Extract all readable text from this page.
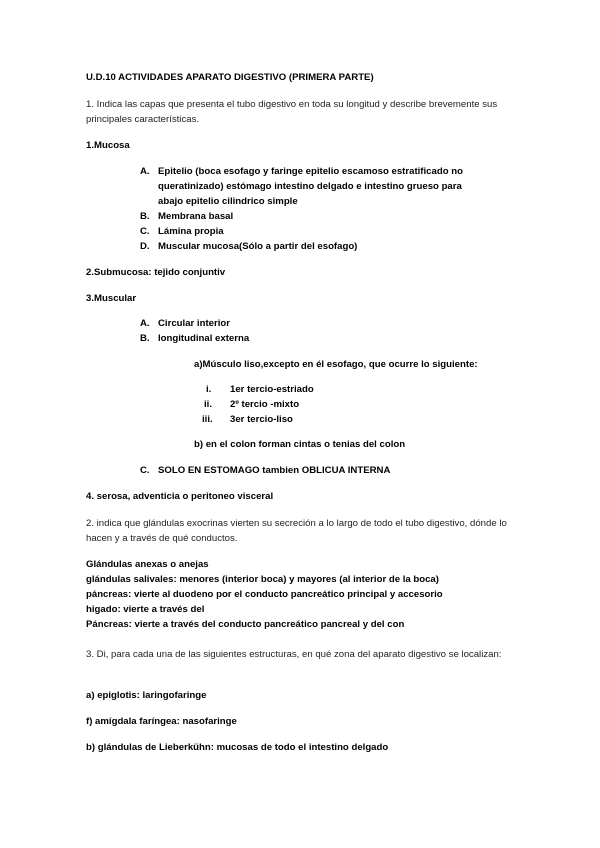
U.D.10 ACTIVIDADES APARATO DIGESTIVO (PRIMERA PARTE)
1. Indica las capas que presenta el tubo digestivo en toda su longitud y describe brevemente sus principales características.
1.Mucosa
A. Epitelio (boca esofago y faringe epitelio escamoso estratificado no
queratinizado) estómago intestino delgado e intestino grueso para
abajo epitelio cilindrico simple
B. Membrana basal
C. Lámina propia
D. Muscular mucosa(Sólo a partir del esofago)
2.Submucosa: tejido conjuntiv
3.Muscular
A. Circular interior
B. longitudinal externa
a)Músculo liso,excepto en él esofago, que ocurre lo siguiente:
i. 1er tercio-estriado
ii. 2º tercio -mixto
iii. 3er tercio-liso
b) en el colon forman cintas o tenias del colon
C. SOLO EN ESTOMAGO tambien OBLICUA INTERNA
4. serosa, adventicia o peritoneo visceral
2. indica que glándulas exocrinas vierten su secreción a lo largo de todo el tubo digestivo, dónde lo hacen y a través de qué conductos.
Glándulas anexas o anejas
glándulas salivales: menores (interior boca) y mayores (al interior de la boca)
páncreas: vierte al duodeno por el conducto pancreático principal y accesorio
higado: vierte a través del
Páncreas: vierte a través del conducto pancreático pancreal y del con
3. Di, para cada una de las siguientes estructuras, en qué zona del aparato digestivo se localizan:
a) epiglotis: laringofaringe
f) amígdala faríngea: nasofaringe
b) glándulas de Lieberkühn: mucosas de todo el intestino delgado
